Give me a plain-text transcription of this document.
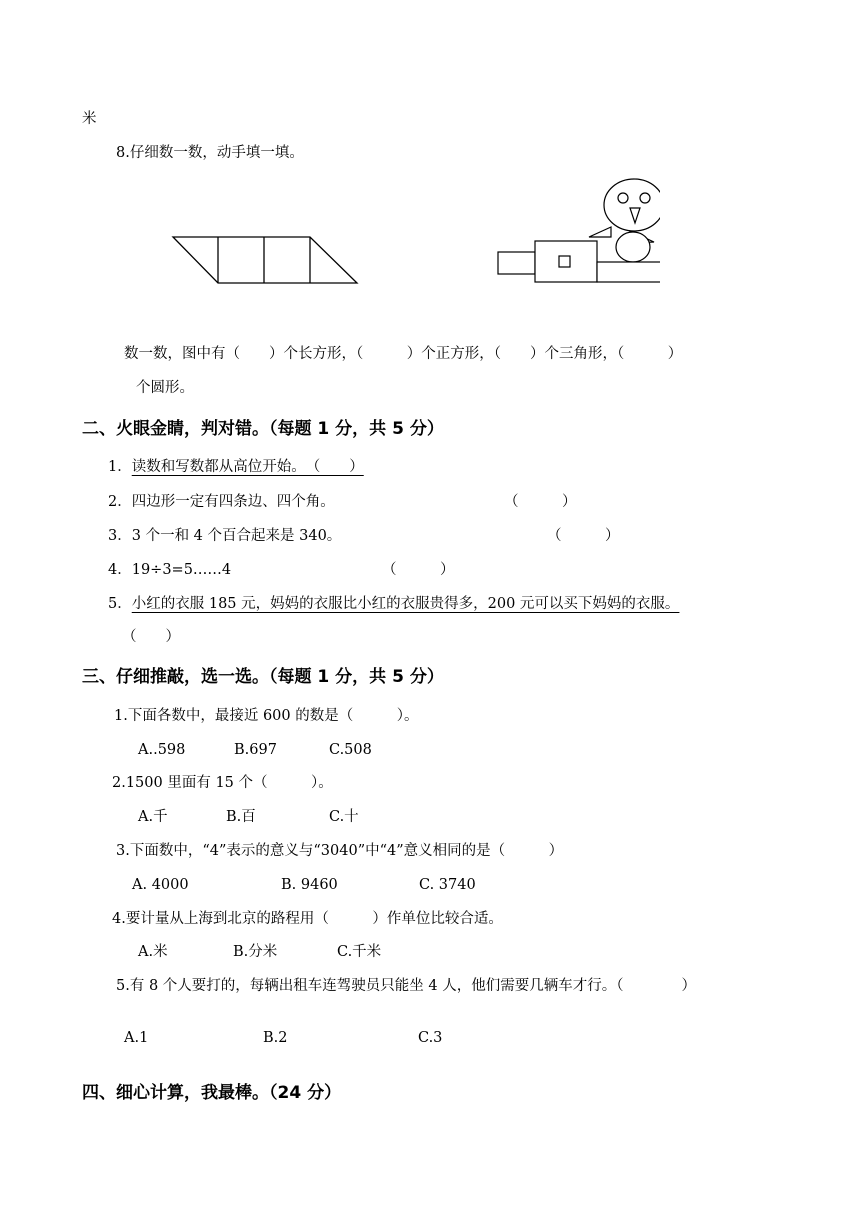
米
8.仔细数一数，动手填一填。
数一数，图中有（　　）个长方形，（　　　）个正方形，（　　）个三角形，（　　　）
个圆形。
二、火眼金睛，判对错。（每题 1 分，共 5 分）
1．读数和写数都从高位开始。　 （　　）
2．四边形一定有四条边、四个角。	（　　　）
3．3 个一和 4 个百合起来是 340。	（　　　）
4．19÷3=5……4	（　　　）
5．小红的衣服 185 元，妈妈的衣服比小红的衣服贵得多，200 元可以买下妈妈的衣服。
（　　）
三、仔细推敲，选一选。（每题 1 分，共 5 分）
1.下面各数中，最接近 600 的数是（　　　）。
A..598	B.697	C.508
2.1500 里面有 15 个（　　　）。
A.千	B.百	C.十
3.下面数中，“4”表示的意义与“3040”中“4”意义相同的是（　　　）
A. 4000	B. 9460	C. 3740
4.要计量从上海到北京的路程用（　　　）作单位比较合适。
A.米	B.分米	C.千米
5.有 8 个人要打的，每辆出租车连驾驶员只能坐 4 人，他们需要几辆车才行。（　　　　）
A.1	B.2	C.3
四、细心计算，我最棒。（24 分）
